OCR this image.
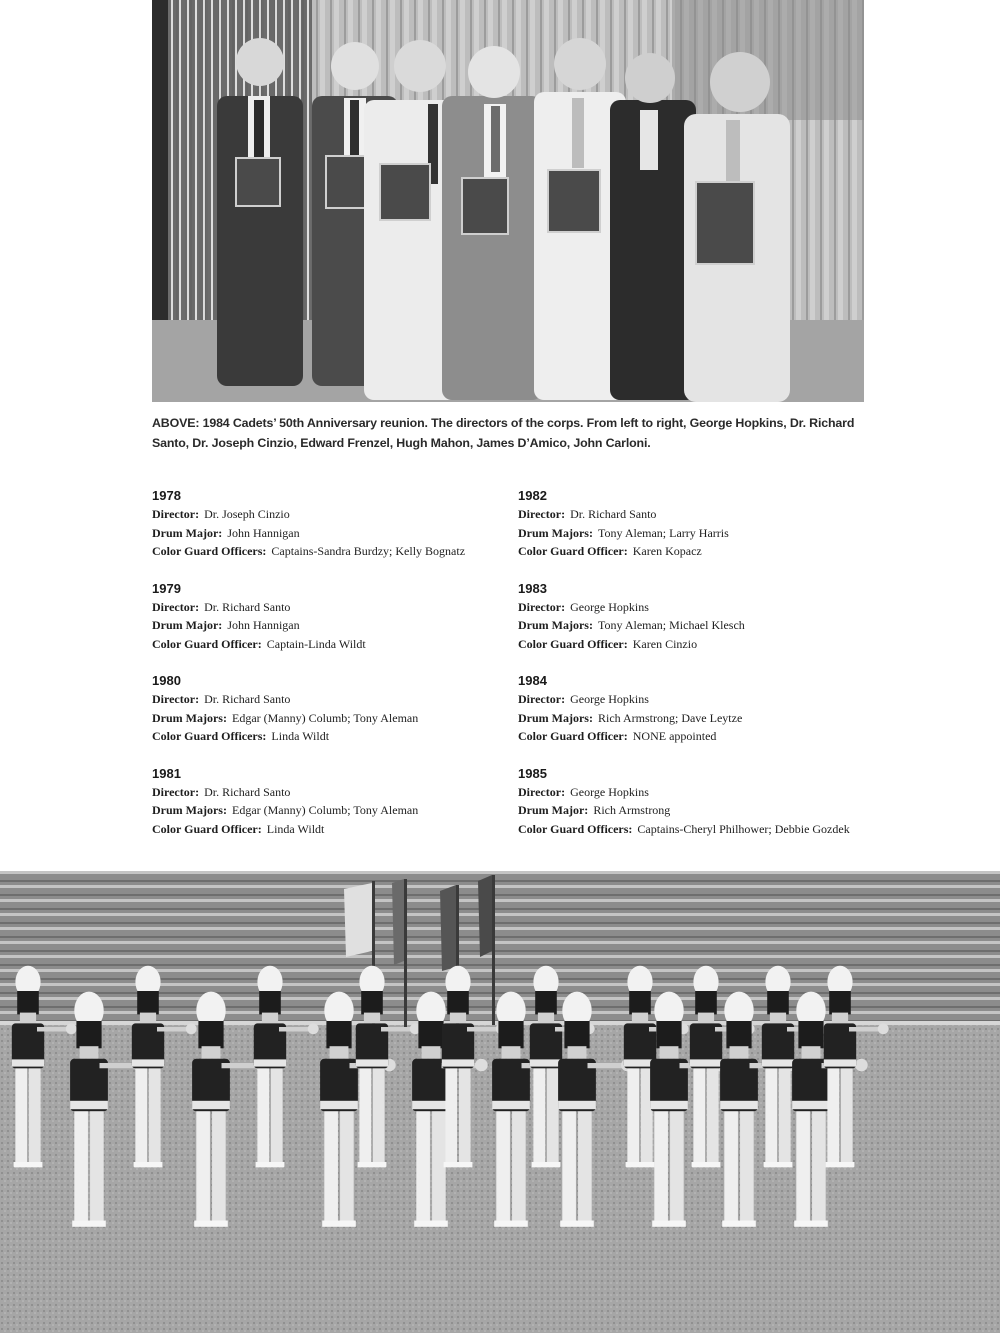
ABOVE: 1984 Cadets’ 50th Anniversary reunion. The directors of the corps. From left to right, George Hopkins, Dr. Richard Santo, Dr. Joseph Cinzio, Edward Frenzel, Hugh Mahon, James D’Amico, John Carloni.
1978
Director: Dr. Joseph Cinzio
Drum Major: John Hannigan
Color Guard Officers: Captains-Sandra Burdzy; Kelly Bognatz
1979
Director: Dr. Richard Santo
Drum Major: John Hannigan
Color Guard Officer: Captain-Linda Wildt
1980
Director: Dr. Richard Santo
Drum Majors: Edgar (Manny) Columb; Tony Aleman
Color Guard Officers: Linda Wildt
1981
Director: Dr. Richard Santo
Drum Majors: Edgar (Manny) Columb; Tony Aleman
Color Guard Officer: Linda Wildt
1982
Director: Dr. Richard Santo
Drum Majors: Tony Aleman; Larry Harris
Color Guard Officer: Karen Kopacz
1983
Director: George Hopkins
Drum Majors: Tony Aleman; Michael Klesch
Color Guard Officer: Karen Cinzio
1984
Director: George Hopkins
Drum Majors: Rich Armstrong; Dave Leytze
Color Guard Officer: NONE appointed
1985
Director: George Hopkins
Drum Major: Rich Armstrong
Color Guard Officers: Captains-Cheryl Philhower; Debbie Gozdek
